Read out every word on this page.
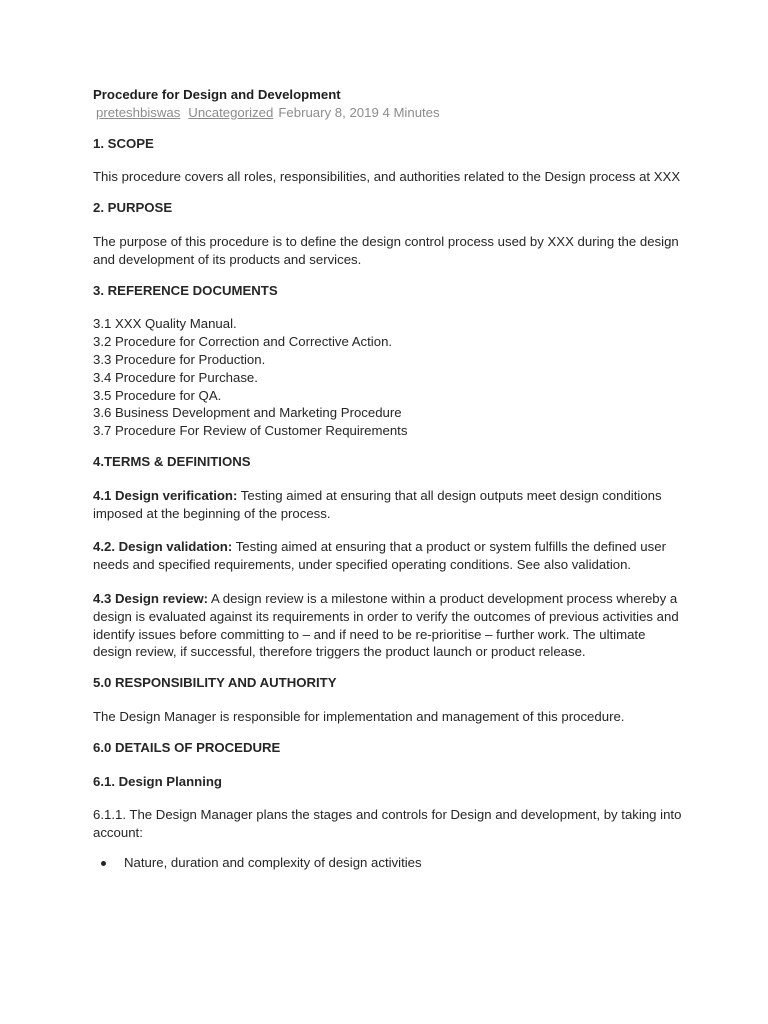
Procedure for Design and Development

preteshbiswas Uncategorized February 8, 2019 4 Minutes

1. SCOPE

This procedure covers all roles, responsibilities, and authorities related to the Design process at XXX

2. PURPOSE

The purpose of this procedure is to define the design control process used by XXX during the design and development of its products and services.

3. REFERENCE DOCUMENTS

3.1 XXX Quality Manual.

3.2 Procedure for Correction and Corrective Action.

3.3 Procedure for Production.

3.4 Procedure for Purchase.

3.5 Procedure for QA.

3.6 Business Development and Marketing Procedure

3.7 Procedure For Review of Customer Requirements

4.TERMS & DEFINITIONS

4.1 Design verification: Testing aimed at ensuring that all design outputs meet design conditions imposed at the beginning of the process.

4.2. Design validation: Testing aimed at ensuring that a product or system fulfills the defined user needs and specified requirements, under specified operating conditions. See also validation.

4.3 Design review: A design review is a milestone within a product development process whereby a design is evaluated against its requirements in order to verify the outcomes of previous activities and identify issues before committing to – and if need to be re-prioritise – further work. The ultimate design review, if successful, therefore triggers the product launch or product release.

5.0 RESPONSIBILITY AND AUTHORITY

The Design Manager is responsible for implementation and management of this procedure.

6.0 DETAILS OF PROCEDURE

6.1. Design Planning

6.1.1. The Design Manager plans the stages and controls for Design and development, by taking into account:

Nature, duration and complexity of design activities
